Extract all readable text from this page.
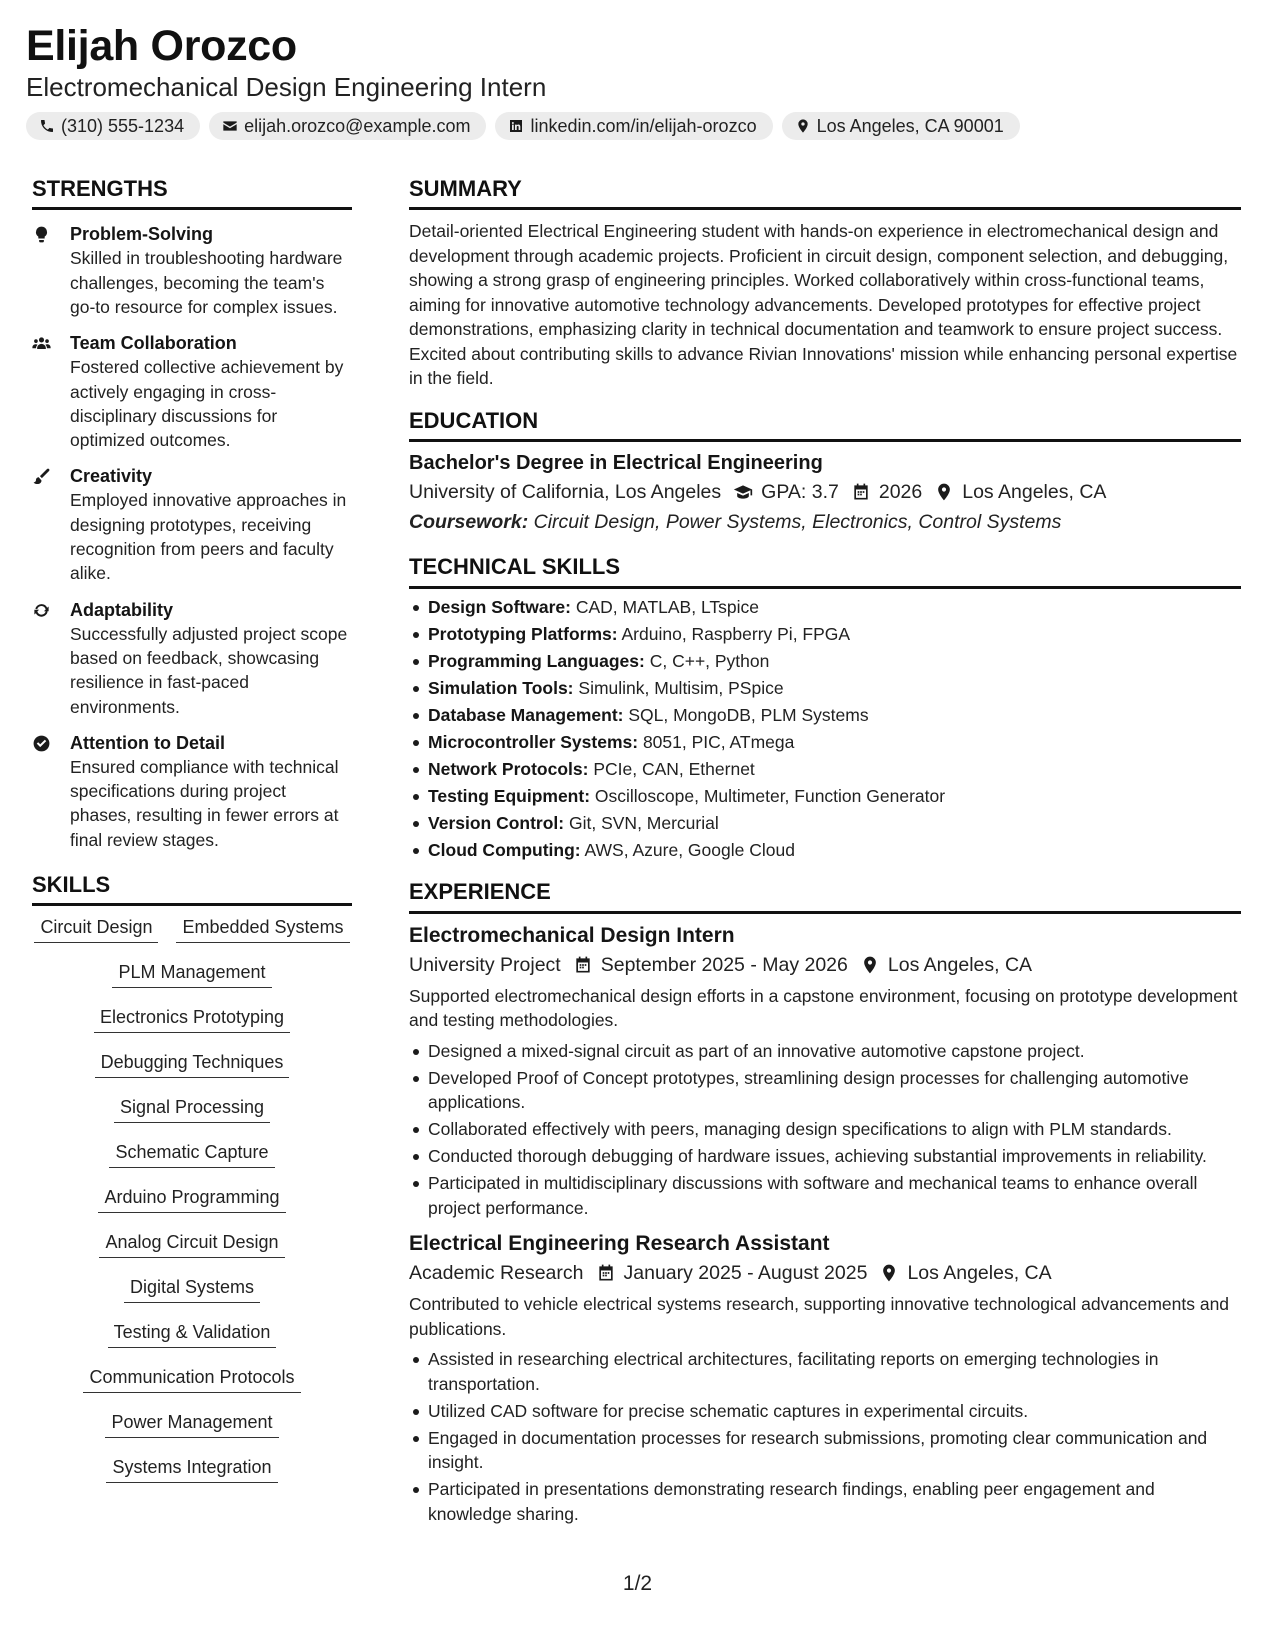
Elijah Orozco
Electromechanical Design Engineering Intern
(310) 555-1234	elijah.orozco@example.com	linkedin.com/in/elijah-orozco	Los Angeles, CA 90001
STRENGTHS
Problem-Solving
Skilled in troubleshooting hardware challenges, becoming the team's go-to resource for complex issues.
Team Collaboration
Fostered collective achievement by actively engaging in cross-disciplinary discussions for optimized outcomes.
Creativity
Employed innovative approaches in designing prototypes, receiving recognition from peers and faculty alike.
Adaptability
Successfully adjusted project scope based on feedback, showcasing resilience in fast-paced environments.
Attention to Detail
Ensured compliance with technical specifications during project phases, resulting in fewer errors at final review stages.
SKILLS
Circuit Design	Embedded Systems
PLM Management
Electronics Prototyping
Debugging Techniques
Signal Processing
Schematic Capture
Arduino Programming
Analog Circuit Design
Digital Systems
Testing & Validation
Communication Protocols
Power Management
Systems Integration
SUMMARY
Detail-oriented Electrical Engineering student with hands-on experience in electromechanical design and development through academic projects. Proficient in circuit design, component selection, and debugging, showing a strong grasp of engineering principles. Worked collaboratively within cross-functional teams, aiming for innovative automotive technology advancements. Developed prototypes for effective project demonstrations, emphasizing clarity in technical documentation and teamwork to ensure project success. Excited about contributing skills to advance Rivian Innovations' mission while enhancing personal expertise in the field.
EDUCATION
Bachelor's Degree in Electrical Engineering
University of California, Los Angeles GPA: 3.7 2026 Los Angeles, CA
Coursework: Circuit Design, Power Systems, Electronics, Control Systems
TECHNICAL SKILLS
Design Software: CAD, MATLAB, LTspice
Prototyping Platforms: Arduino, Raspberry Pi, FPGA
Programming Languages: C, C++, Python
Simulation Tools: Simulink, Multisim, PSpice
Database Management: SQL, MongoDB, PLM Systems
Microcontroller Systems: 8051, PIC, ATmega
Network Protocols: PCIe, CAN, Ethernet
Testing Equipment: Oscilloscope, Multimeter, Function Generator
Version Control: Git, SVN, Mercurial
Cloud Computing: AWS, Azure, Google Cloud
EXPERIENCE
Electromechanical Design Intern
University Project September 2025 - May 2026 Los Angeles, CA
Supported electromechanical design efforts in a capstone environment, focusing on prototype development and testing methodologies.
Designed a mixed-signal circuit as part of an innovative automotive capstone project.
Developed Proof of Concept prototypes, streamlining design processes for challenging automotive applications.
Collaborated effectively with peers, managing design specifications to align with PLM standards.
Conducted thorough debugging of hardware issues, achieving substantial improvements in reliability.
Participated in multidisciplinary discussions with software and mechanical teams to enhance overall project performance.
Electrical Engineering Research Assistant
Academic Research January 2025 - August 2025 Los Angeles, CA
Contributed to vehicle electrical systems research, supporting innovative technological advancements and publications.
Assisted in researching electrical architectures, facilitating reports on emerging technologies in transportation.
Utilized CAD software for precise schematic captures in experimental circuits.
Engaged in documentation processes for research submissions, promoting clear communication and insight.
Participated in presentations demonstrating research findings, enabling peer engagement and knowledge sharing.
1/2
